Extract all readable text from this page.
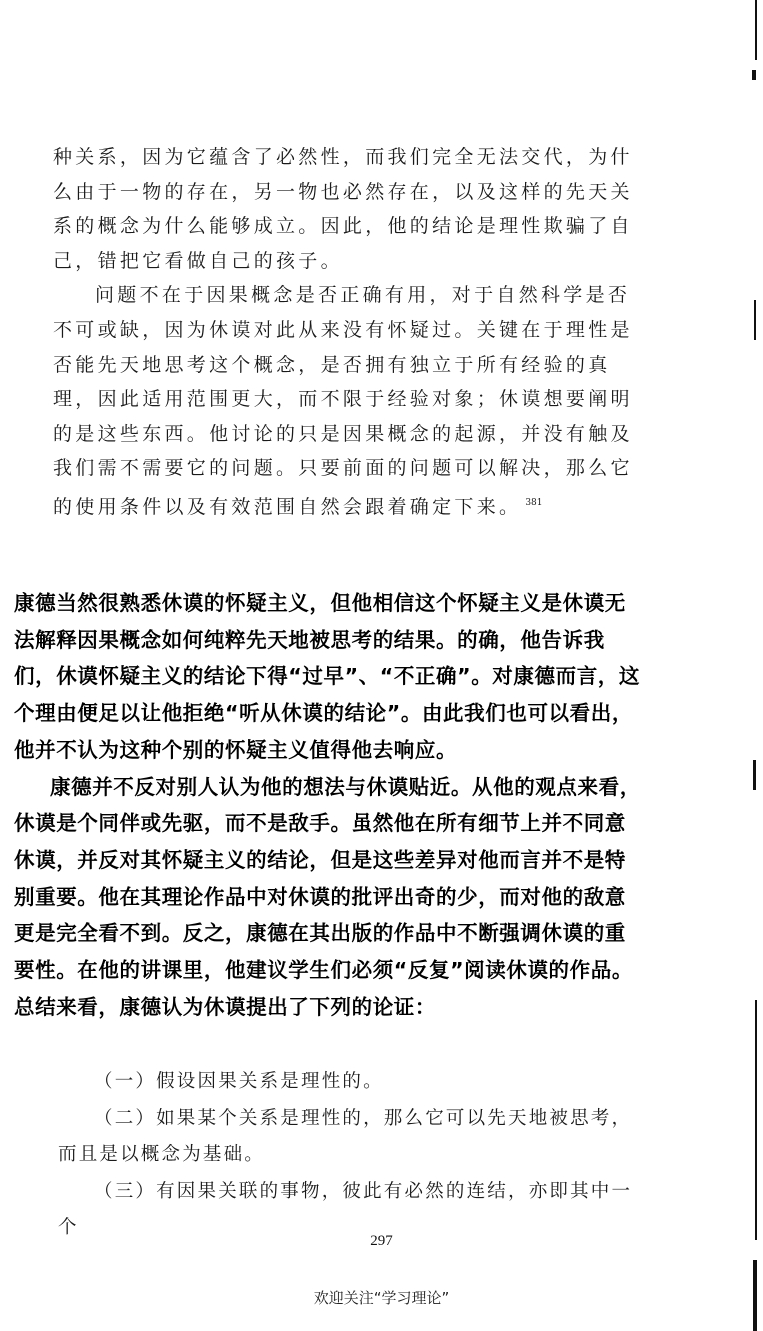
种关系，因为它蕴含了必然性，而我们完全无法交代，为什么由于一物的存在，另一物也必然存在，以及这样的先天关系的概念为什么能够成立。因此，他的结论是理性欺骗了自己，错把它看做自己的孩子。

问题不在于因果概念是否正确有用，对于自然科学是否不可或缺，因为休谟对此从来没有怀疑过。关键在于理性是否能先天地思考这个概念，是否拥有独立于所有经验的真理，因此适用范围更大，而不限于经验对象；休谟想要阐明的是这些东西。他讨论的只是因果概念的起源，并没有触及我们需不需要它的问题。只要前面的问题可以解决，那么它的使用条件以及有效范围自然会跟着确定下来。 $^{381}$

康德当然很熟悉休谟的怀疑主义，但他相信这个怀疑主义是休谟无法解释因果概念如何纯粹先天地被思考的结果。的确，他告诉我们，休谟怀疑主义的结论下得“过早”、“不正确”。对康德而言，这个理由便足以让他拒绝“听从休谟的结论”。由此我们也可以看出，他并不认为这种个别的怀疑主义值得他去响应。

康德并不反对别人认为他的想法与休谟贴近。从他的观点来看，休谟是个同伴或先驱，而不是敌手。虽然他在所有细节上并不同意休谟，并反对其怀疑主义的结论，但是这些差异对他而言并不是特别重要。他在其理论作品中对休谟的批评出奇的少，而对他的敌意更是完全看不到。反之，康德在其出版的作品中不断强调休谟的重要性。在他的讲课里，他建议学生们必须“反复”阅读休谟的作品。总结来看，康德认为休谟提出了下列的论证：

（一）假设因果关系是理性的。

（二）如果某个关系是理性的，那么它可以先天地被思考，而且是以概念为基础。

（三）有因果关联的事物，彼此有必然的连结，亦即其中一个

297
欢迎关注“学习理论”
